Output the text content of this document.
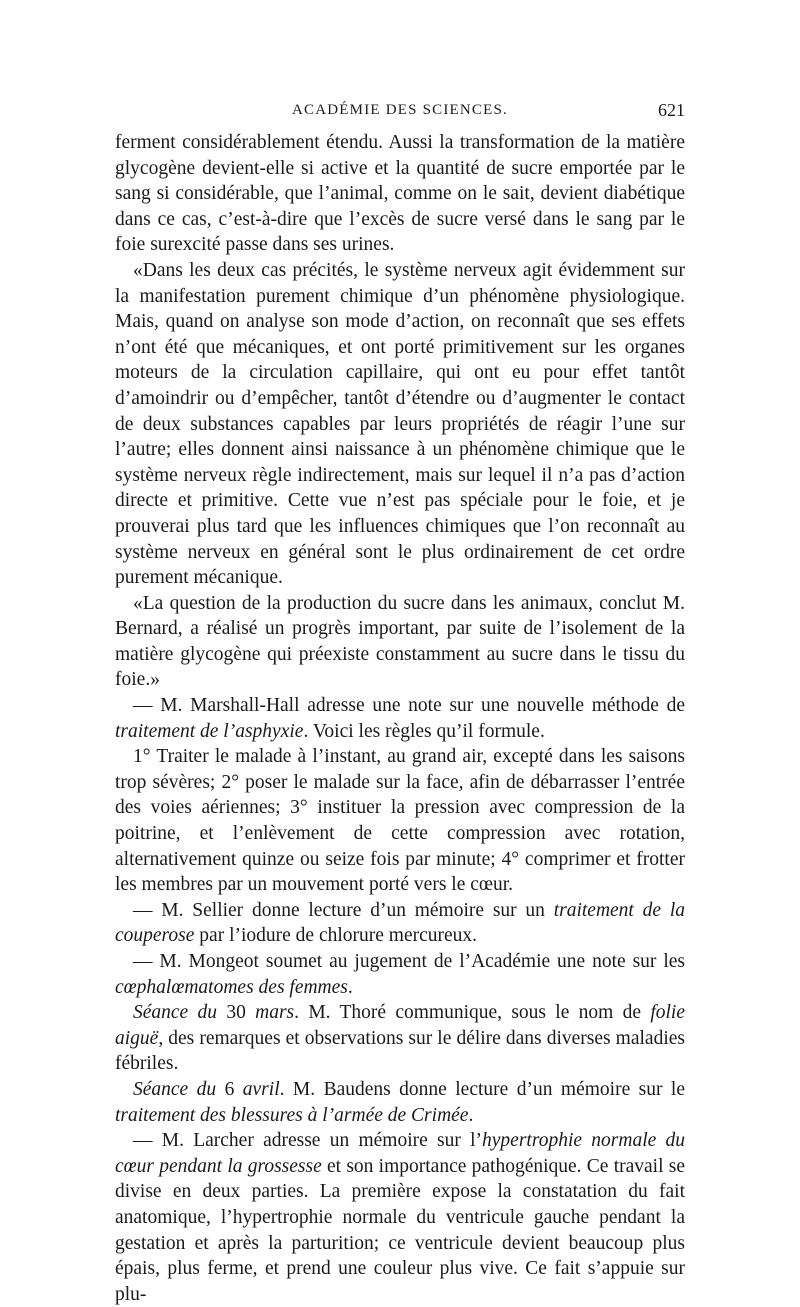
ACADÉMIE DES SCIENCES.	621

ferment considérablement étendu. Aussi la transformation de la matière glycogène devient-elle si active et la quantité de sucre emportée par le sang si considérable, que l’animal, comme on le sait, devient diabétique dans ce cas, c’est-à-dire que l’excès de sucre versé dans le sang par le foie surexcité passe dans ses urines.

«Dans les deux cas précités, le système nerveux agit évidemment sur la manifestation purement chimique d’un phénomène physiologique. Mais, quand on analyse son mode d’action, on reconnaît que ses effets n’ont été que mécaniques, et ont porté primitivement sur les organes moteurs de la circulation capillaire, qui ont eu pour effet tantôt d’amoindrir ou d’empêcher, tantôt d’étendre ou d’augmenter le contact de deux substances capables par leurs propriétés de réagir l’une sur l’autre; elles donnent ainsi naissance à un phénomène chimique que le système nerveux règle indirectement, mais sur lequel il n’a pas d’action directe et primitive. Cette vue n’est pas spéciale pour le foie, et je prouverai plus tard que les influences chimiques que l’on reconnaît au système nerveux en général sont le plus ordinairement de cet ordre purement mécanique.

«La question de la production du sucre dans les animaux, conclut M. Bernard, a réalisé un progrès important, par suite de l’isolement de la matière glycogène qui préexiste constamment au sucre dans le tissu du foie.»

— M. Marshall-Hall adresse une note sur une nouvelle méthode de traitement de l’asphyxie. Voici les règles qu’il formule.

1° Traiter le malade à l’instant, au grand air, excepté dans les saisons trop sévères; 2° poser le malade sur la face, afin de débarrasser l’entrée des voies aériennes; 3° instituer la pression avec compression de la poitrine, et l’enlèvement de cette compression avec rotation, alternativement quinze ou seize fois par minute; 4° comprimer et frotter les membres par un mouvement porté vers le cœur.

— M. Sellier donne lecture d’un mémoire sur un traitement de la couperose par l’iodure de chlorure mercureux.

— M. Mongeot soumet au jugement de l’Académie une note sur les cœphalœmatomes des femmes.

Séance du 30 mars. M. Thoré communique, sous le nom de folie aiguë, des remarques et observations sur le délire dans diverses maladies fébriles.

Séance du 6 avril. M. Baudens donne lecture d’un mémoire sur le traitement des blessures à l’armée de Crimée.

— M. Larcher adresse un mémoire sur l’hypertrophie normale du cœur pendant la grossesse et son importance pathogénique. Ce travail se divise en deux parties. La première expose la constatation du fait anatomique, l’hypertrophie normale du ventricule gauche pendant la gestation et après la parturition; ce ventricule devient beaucoup plus épais, plus ferme, et prend une couleur plus vive. Ce fait s’appuie sur plu-
